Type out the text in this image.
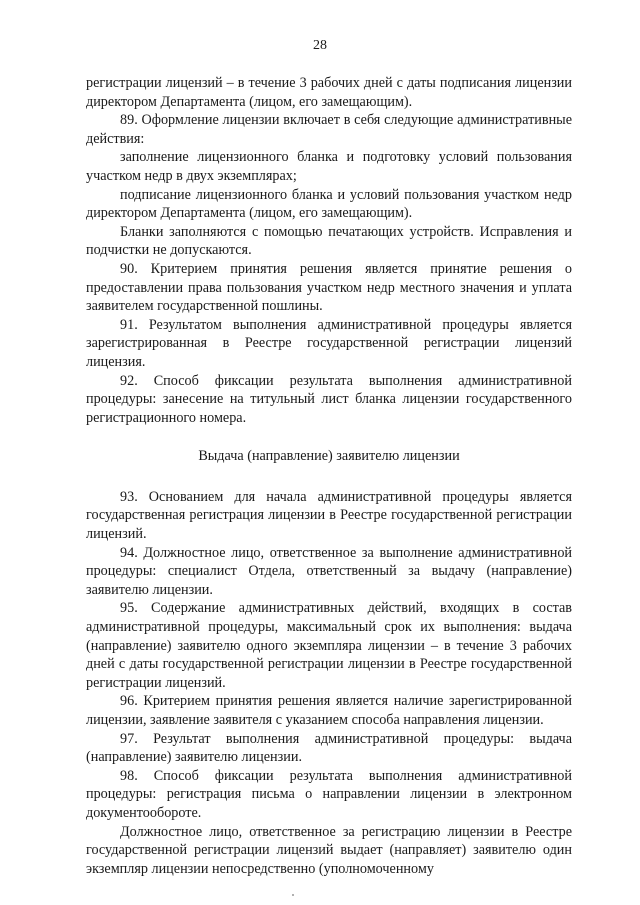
28

регистрации лицензий – в течение 3 рабочих дней с даты подписания лицензии директором Департамента (лицом, его замещающим).

89. Оформление лицензии включает в себя следующие административные действия:

заполнение лицензионного бланка и подготовку условий пользования участком недр в двух экземплярах;

подписание лицензионного бланка и условий пользования участком недр директором Департамента (лицом, его замещающим).

Бланки заполняются с помощью печатающих устройств. Исправления и подчистки не допускаются.

90. Критерием принятия решения является принятие решения о предоставлении права пользования участком недр местного значения и уплата заявителем государственной пошлины.

91. Результатом выполнения административной процедуры является зарегистрированная в Реестре государственной регистрации лицензий лицензия.

92. Способ фиксации результата выполнения административной процедуры: занесение на титульный лист бланка лицензии государственного регистрационного номера.

Выдача (направление) заявителю лицензии

93. Основанием для начала административной процедуры является государственная регистрация лицензии в Реестре государственной регистрации лицензий.

94. Должностное лицо, ответственное за выполнение административной процедуры: специалист Отдела, ответственный за выдачу (направление) заявителю лицензии.

95. Содержание административных действий, входящих в состав административной процедуры, максимальный срок их выполнения: выдача (направление) заявителю одного экземпляра лицензии – в течение 3 рабочих дней с даты государственной регистрации лицензии в Реестре государственной регистрации лицензий.

96. Критерием принятия решения является наличие зарегистрированной лицензии, заявление заявителя с указанием способа направления лицензии.

97. Результат выполнения административной процедуры: выдача (направление) заявителю лицензии.

98. Способ фиксации результата выполнения административной процедуры: регистрация письма о направлении лицензии в электронном документообороте.

Должностное лицо, ответственное за регистрацию лицензии в Реестре государственной регистрации лицензий выдает (направляет) заявителю один экземпляр лицензии непосредственно (уполномоченному
